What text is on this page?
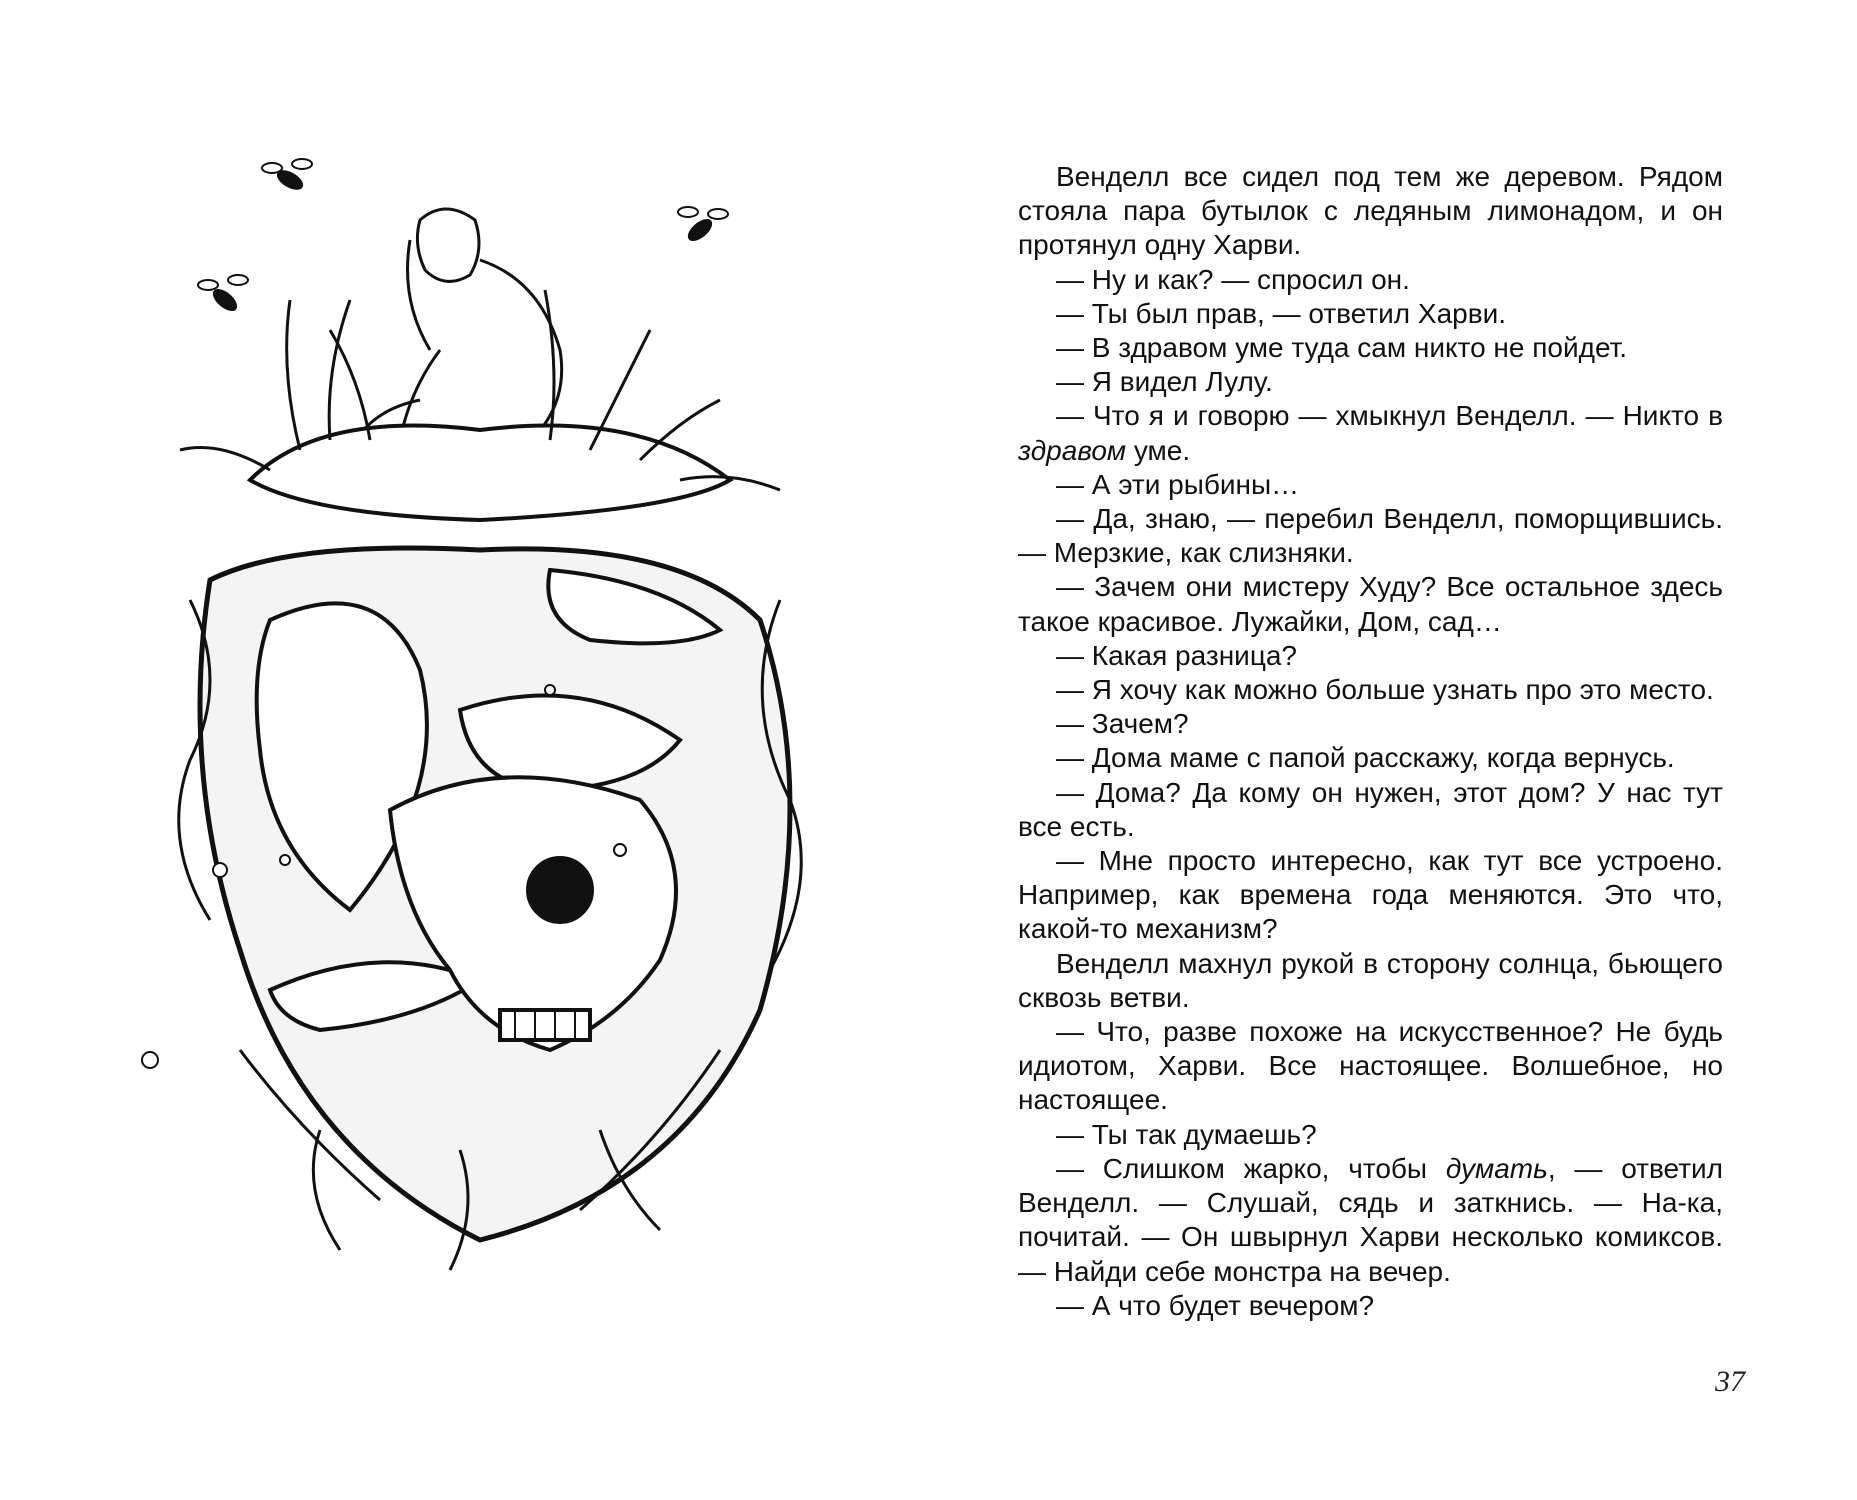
Венделл все сидел под тем же деревом. Рядом стояла пара бутылок с ледяным лимонадом, и он протянул одну Харви.

— Ну и как? — спросил он.

— Ты был прав, — ответил Харви.

— В здравом уме туда сам никто не пойдет.

— Я видел Лулу.

— Что я и говорю — хмыкнул Венделл. — Никто в здравом уме.

— А эти рыбины…

— Да, знаю, — перебил Венделл, поморщившись. — Мерзкие, как слизняки.

— Зачем они мистеру Худу? Все остальное здесь такое красивое. Лужайки, Дом, сад…

— Какая разница?

— Я хочу как можно больше узнать про это место.

— Зачем?

— Дома маме с папой расскажу, когда вернусь.

— Дома? Да кому он нужен, этот дом? У нас тут все есть.

— Мне просто интересно, как тут все устроено. Например, как времена года меняются. Это что, какой-то механизм?

Венделл махнул рукой в сторону солнца, бьющего сквозь ветви.

— Что, разве похоже на искусственное? Не будь идиотом, Харви. Все настоящее. Волшебное, но настоящее.

— Ты так думаешь?

— Слишком жарко, чтобы думать, — ответил Венделл. — Слушай, сядь и заткнись. — На-ка, почитай. — Он швырнул Харви несколько комиксов. — Найди себе монстра на вечер.

— А что будет вечером?

37
